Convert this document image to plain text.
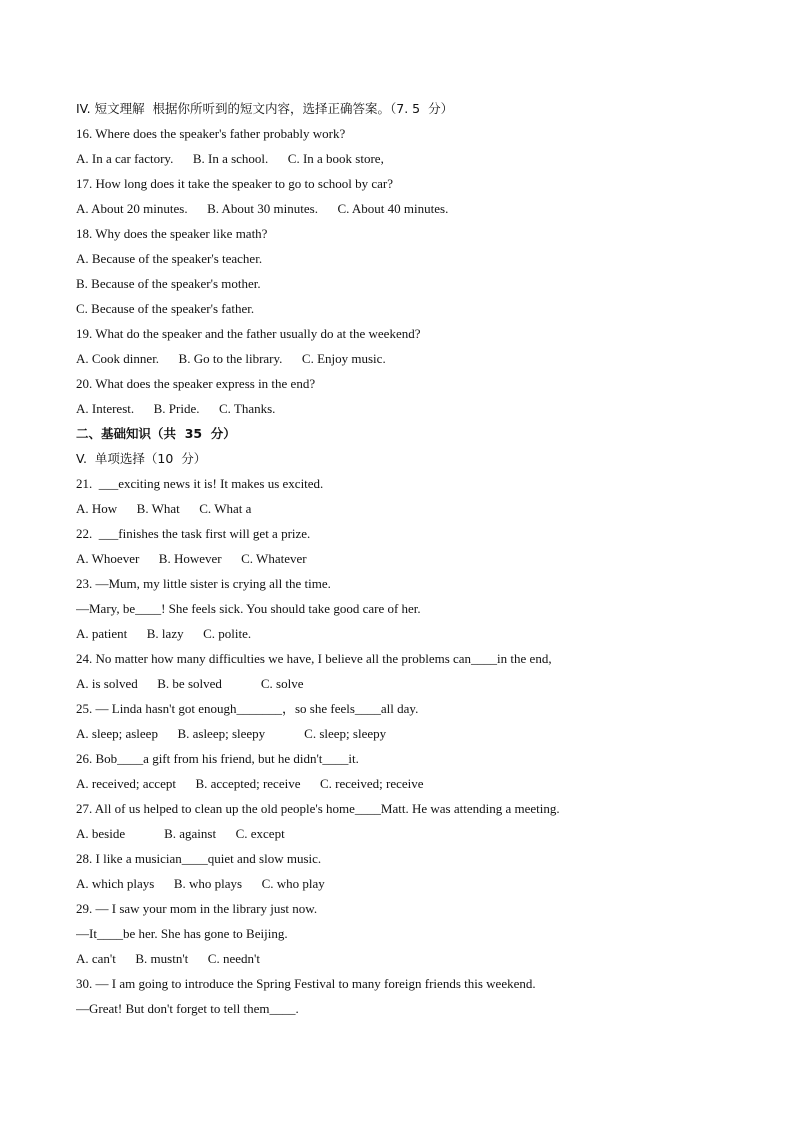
IV. 短文理解  根据你所听到的短文内容，选择正确答案。（7. 5  分）
16. Where does the speaker's father probably work?
A. In a car factory.      B. In a school.      C. In a book store,
17. How long does it take the speaker to go to school by car?
A. About 20 minutes.      B. About 30 minutes.      C. About 40 minutes.
18. Why does the speaker like math?
A. Because of the speaker's teacher.
B. Because of the speaker's mother.
C. Because of the speaker's father.
19. What do the speaker and the father usually do at the weekend?
A. Cook dinner.      B. Go to the library.      C. Enjoy music.
20. What does the speaker express in the end?
A. Interest.      B. Pride.      C. Thanks.
二、基础知识（共  35  分）
V.  单项选择（10  分）
21.  ___exciting news it is! It makes us excited.
A. How      B. What      C. What a
22.  ___finishes the task first will get a prize.
A. Whoever      B. However      C. Whatever
23. —Mum, my little sister is crying all the time.
—Mary, be____! She feels sick. You should take good care of her.
A. patient      B. lazy      C. polite.
24. No matter how many difficulties we have, I believe all the problems can____in the end,
A. is solved      B. be solved            C. solve
25. — Linda hasn't got enough_______，so she feels____all day.
A. sleep; asleep      B. asleep; sleepy            C. sleep; sleepy
26. Bob____a gift from his friend, but he didn't____it.
A. received; accept      B. accepted; receive      C. received; receive
27. All of us helped to clean up the old people's home____Matt. He was attending a meeting.
A. beside            B. against      C. except
28. I like a musician____quiet and slow music.
A. which plays      B. who plays      C. who play
29. — I saw your mom in the library just now.
—It____be her. She has gone to Beijing.
A. can't      B. mustn't      C. needn't
30. — I am going to introduce the Spring Festival to many foreign friends this weekend.
—Great! But don't forget to tell them____.
